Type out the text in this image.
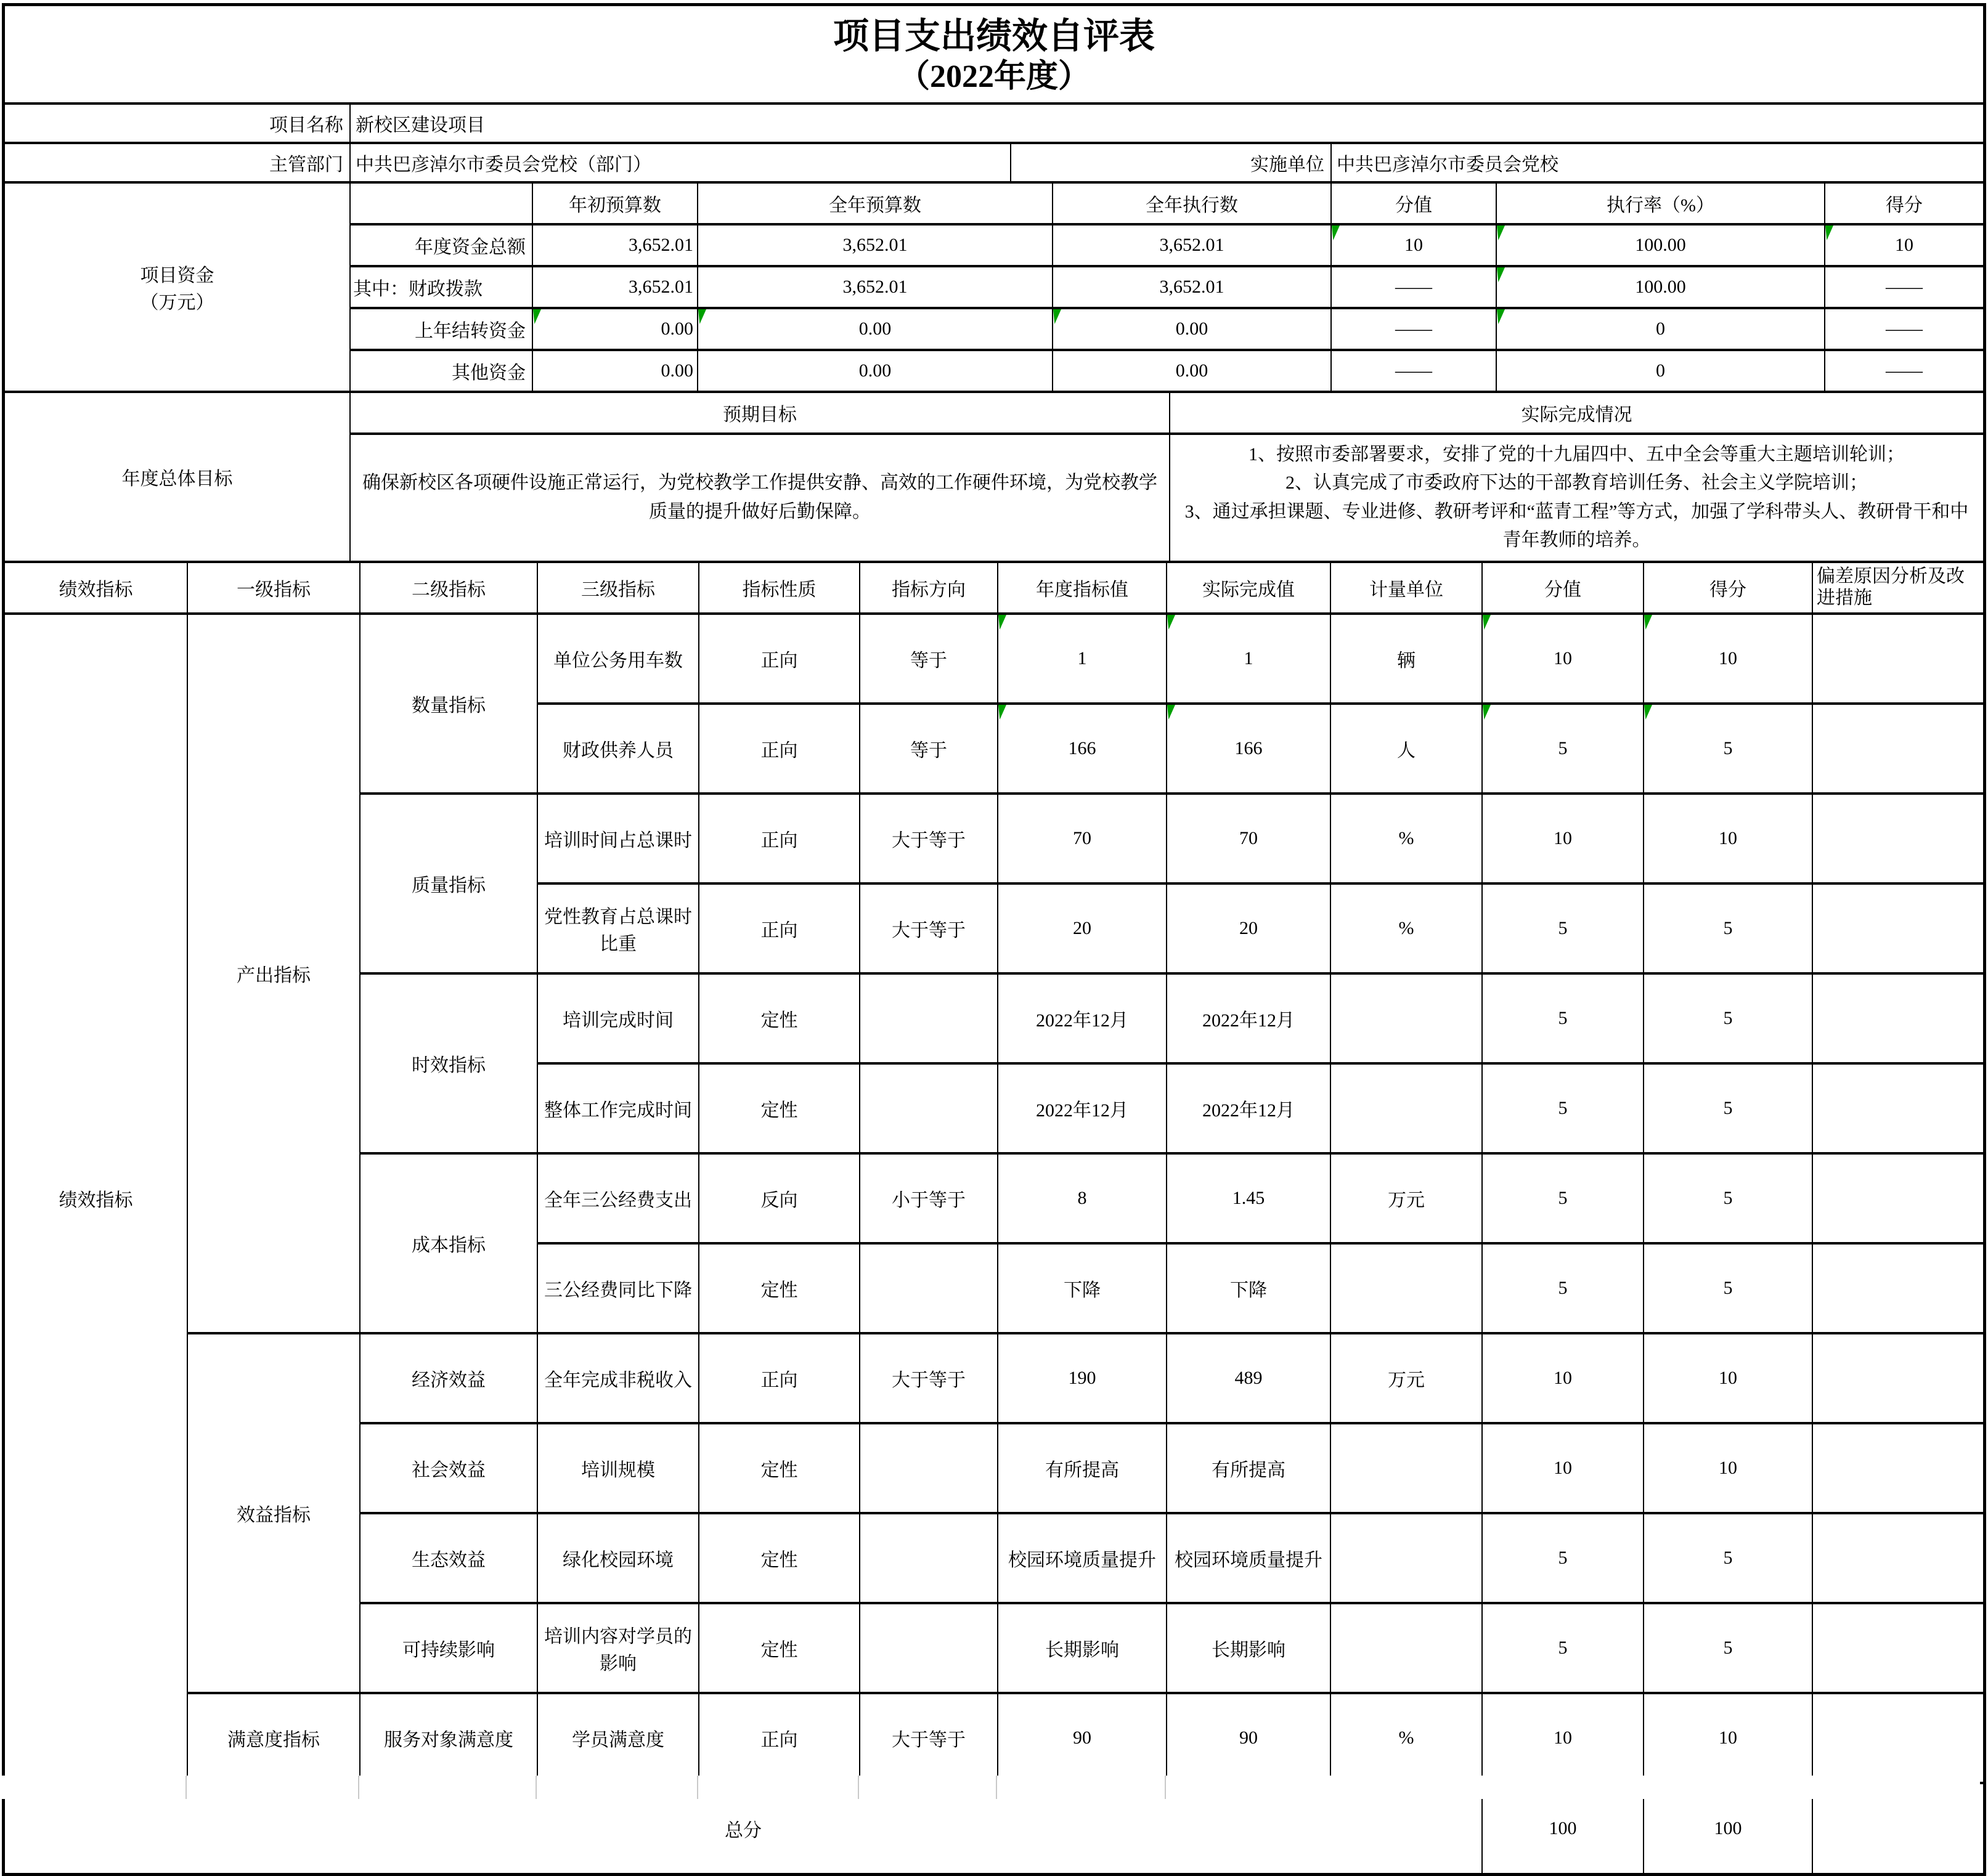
项目支出绩效自评表
（2022年度）
项目名称	新校区建设项目
主管部门	中共巴彦淖尔市委员会党校（部门）	实施单位	中共巴彦淖尔市委员会党校
项目资金
（万元）		年初预算数	全年预算数	全年执行数	分值	执行率（%）	得分
	年度资金总额	3,652.01	3,652.01	3,652.01	10	100.00	10
	其中：财政拨款	3,652.01	3,652.01	3,652.01	——	100.00	——
	上年结转资金	0.00	0.00	0.00	——	0	——
	其他资金	0.00	0.00	0.00	——	0	——
年度总体目标	预期目标	实际完成情况
	确保新校区各项硬件设施正常运行，为党校教学工作提供安静、高效的工作硬件环境，为党校教学质量的提升做好后勤保障。	1、按照市委部署要求，安排了党的十九届四中、五中全会等重大主题培训轮训；
2、认真完成了市委政府下达的干部教育培训任务、社会主义学院培训；
3、通过承担课题、专业进修、教研考评和“蓝青工程”等方式，加强了学科带头人、教研骨干和中青年教师的培养。
绩效指标	一级指标	二级指标	三级指标	指标性质	指标方向	年度指标值	实际完成值	计量单位	分值	得分	偏差原因分析及改进措施
绩效指标	产出指标	数量指标	单位公务用车数	正向	等于	1	1	辆	10	10	
			财政供养人员	正向	等于	166	166	人	5	5	
		质量指标	培训时间占总课时	正向	大于等于	70	70	%	10	10	
			党性教育占总课时比重	正向	大于等于	20	20	%	5	5	
		时效指标	培训完成时间	定性		2022年12月	2022年12月		5	5	
			整体工作完成时间	定性		2022年12月	2022年12月		5	5	
		成本指标	全年三公经费支出	反向	小于等于	8	1.45	万元	5	5	
			三公经费同比下降	定性		下降	下降		5	5	
	效益指标	经济效益	全年完成非税收入	正向	大于等于	190	489	万元	10	10	
		社会效益	培训规模	定性		有所提高	有所提高		10	10	
		生态效益	绿化校园环境	定性		校园环境质量提升	校园环境质量提升		5	5	
		可持续影响	培训内容对学员的影响	定性		长期影响	长期影响		5	5	
	满意度指标	服务对象满意度	学员满意度	正向	大于等于	90	90	%	10	10	
总分									100	100	
